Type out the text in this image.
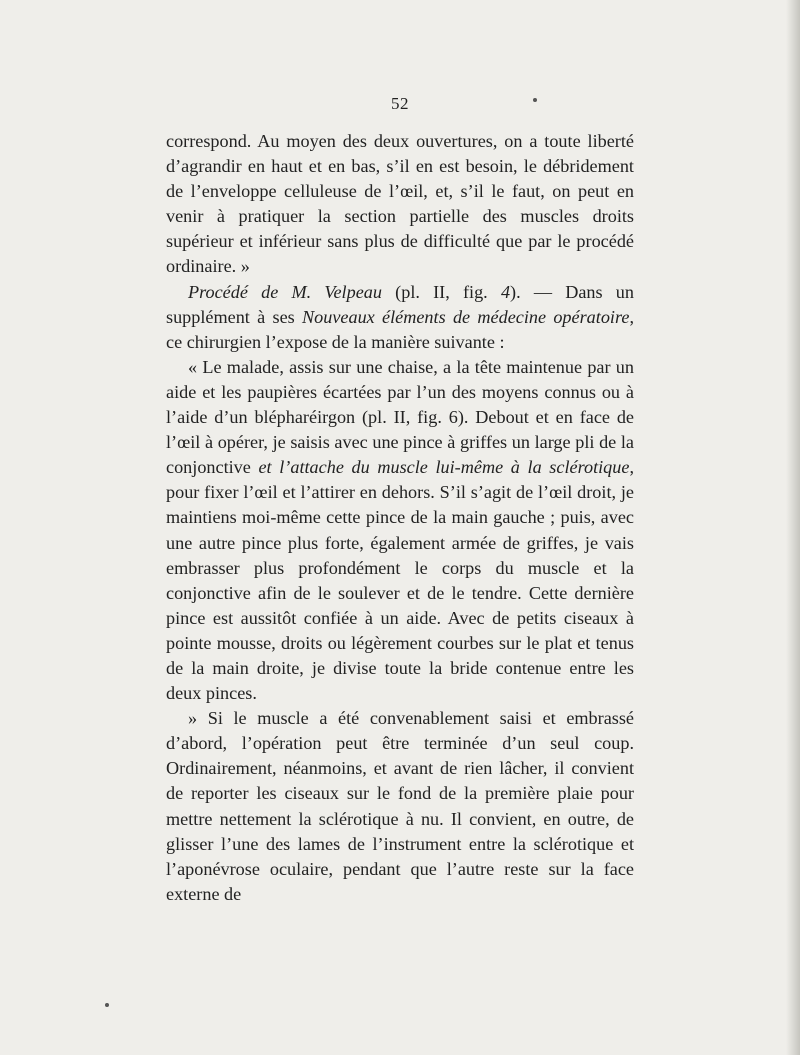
52

correspond. Au moyen des deux ouvertures, on a toute liberté d’agrandir en haut et en bas, s’il en est besoin, le débridement de l’enveloppe celluleuse de l’œil, et, s’il le faut, on peut en venir à pratiquer la section partielle des muscles droits supérieur et inférieur sans plus de difficulté que par le procédé ordinaire. »

Procédé de M. Velpeau (pl. II, fig. 4). — Dans un supplément à ses Nouveaux éléments de médecine opératoire, ce chirurgien l’expose de la manière suivante :

« Le malade, assis sur une chaise, a la tête maintenue par un aide et les paupières écartées par l’un des moyens connus ou à l’aide d’un blépharéirgon (pl. II, fig. 6). Debout et en face de l’œil à opérer, je saisis avec une pince à griffes un large pli de la conjonctive et l’attache du muscle lui-même à la sclérotique, pour fixer l’œil et l’attirer en dehors. S’il s’agit de l’œil droit, je maintiens moi-même cette pince de la main gauche ; puis, avec une autre pince plus forte, également armée de griffes, je vais embrasser plus profondément le corps du muscle et la conjonctive afin de le soulever et de le tendre. Cette dernière pince est aussitôt confiée à un aide. Avec de petits ciseaux à pointe mousse, droits ou légèrement courbes sur le plat et tenus de la main droite, je divise toute la bride contenue entre les deux pinces.

» Si le muscle a été convenablement saisi et embrassé d’abord, l’opération peut être terminée d’un seul coup. Ordinairement, néanmoins, et avant de rien lâcher, il convient de reporter les ciseaux sur le fond de la première plaie pour mettre nettement la sclérotique à nu. Il convient, en outre, de glisser l’une des lames de l’instrument entre la sclérotique et l’aponévrose oculaire, pendant que l’autre reste sur la face externe de
